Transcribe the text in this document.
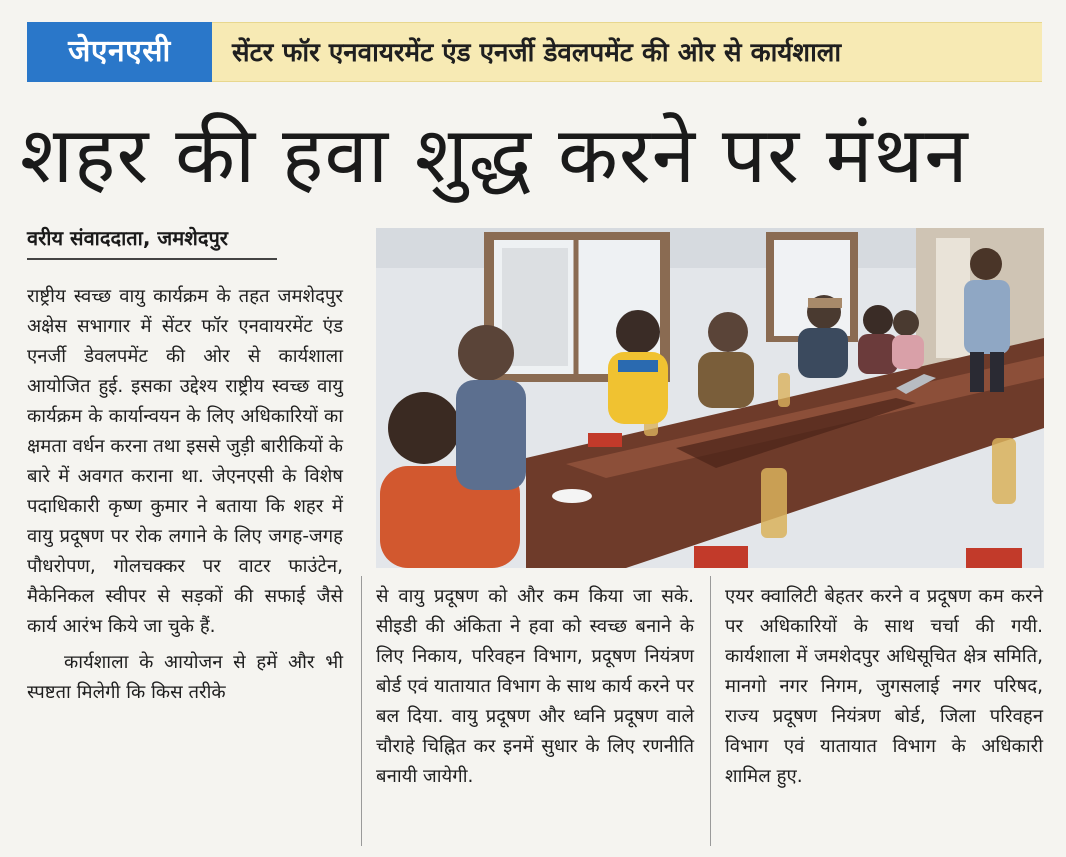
जेएनएसी	सेंटर फॉर एनवायरमेंट एंड एनर्जी डेवलपमेंट की ओर से कार्यशाला
शहर की हवा शुद्ध करने पर मंथन
वरीय संवाददाता, जमशेदपुर

राष्ट्रीय स्वच्छ वायु कार्यक्रम के तहत जमशेदपुर अक्षेस सभागार में सेंटर फॉर एनवायरमेंट एंड एनर्जी डेवलपमेंट की ओर से कार्यशाला आयोजित हुई. इसका उद्देश्य राष्ट्रीय स्वच्छ वायु कार्यक्रम के कार्यान्वयन के लिए अधिकारियों का क्षमता वर्धन करना तथा इससे जुड़ी बारीकियों के बारे में अवगत कराना था. जेएनएसी के विशेष पदाधिकारी कृष्ण कुमार ने बताया कि शहर में वायु प्रदूषण पर रोक लगाने के लिए जगह-जगह पौधरोपण, गोलचक्कर पर वाटर फाउंटेन, मैकेनिकल स्वीपर से सड़कों की सफाई जैसे कार्य आरंभ किये जा चुके हैं.

कार्यशाला के आयोजन से हमें और भी स्पष्टता मिलेगी कि किस तरीके

से वायु प्रदूषण को और कम किया जा सके. सीइडी की अंकिता ने हवा को स्वच्छ बनाने के लिए निकाय, परिवहन विभाग, प्रदूषण नियंत्रण बोर्ड एवं यातायात विभाग के साथ कार्य करने पर बल दिया. वायु प्रदूषण और ध्वनि प्रदूषण वाले चौराहे चिह्नित कर इनमें सुधार के लिए रणनीति बनायी जायेगी.

एयर क्वालिटी बेहतर करने व प्रदूषण कम करने पर अधिकारियों के साथ चर्चा की गयी. कार्यशाला में जमशेदपुर अधिसूचित क्षेत्र समिति, मानगो नगर निगम, जुगसलाई नगर परिषद, राज्य प्रदूषण नियंत्रण बोर्ड, जिला परिवहन विभाग एवं यातायात विभाग के अधिकारी शामिल हुए.
